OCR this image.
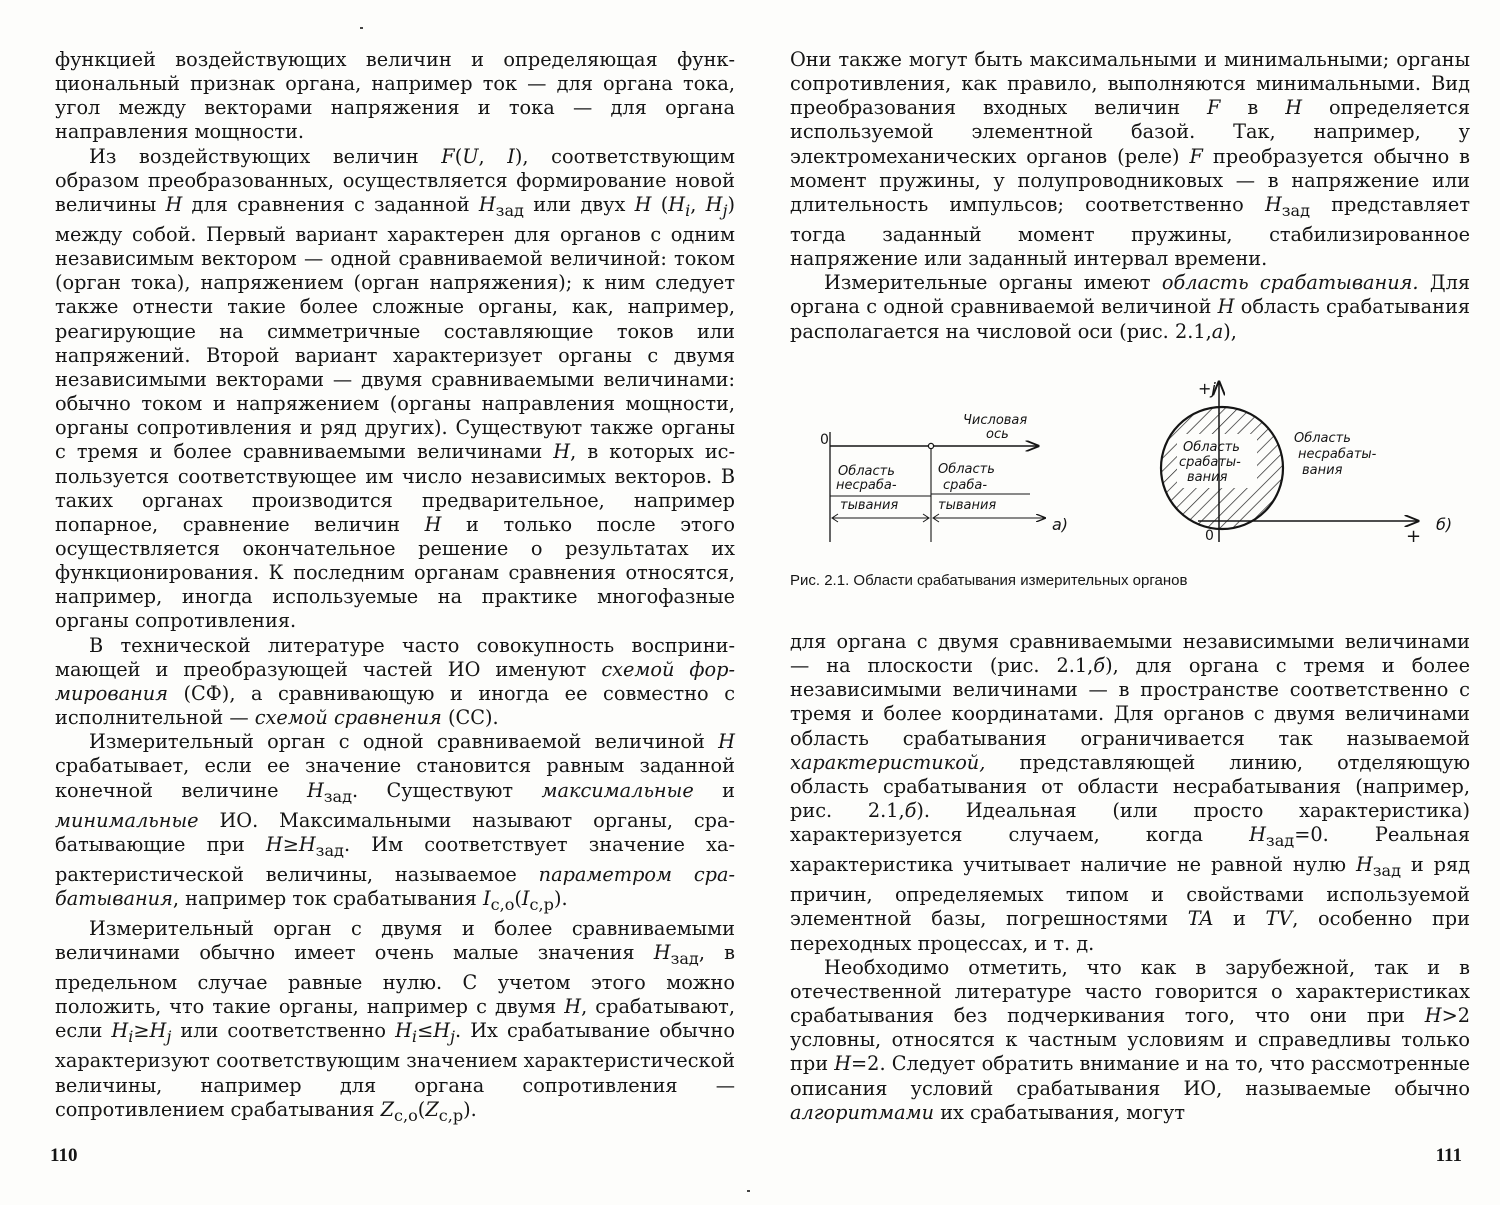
функцией воздействующих величин и определяющая функциональный признак органа, например ток — для органа тока, угол между векторами напряжения и тока — для органа направления мощности.

Из воздействующих величин F(U, I), соответствующим образом преобразованных, осуществляется формирование новой величины H для сравнения с заданной $H_{зад}$ или двух H ($H_i$, $H_j$) между собой. Первый вариант характерен для органов с одним независимым вектором — одной сравниваемой величиной: током (орган тока), напряжением (орган напряжения); к ним следует также отнести такие более сложные органы, как, например, реагирующие на симметричные составляющие токов или напряжений. Второй вариант характеризует органы с двумя независимыми векторами — двумя сравниваемыми величинами: обычно током и напряжением (органы направления мощности, органы сопротивления и ряд других). Существуют также органы с тремя и более сравниваемыми величинами H, в которых используется соответствующее им число независимых векторов. В таких органах производится предварительное, например попарное, сравнение величин H и только после этого осуществляется окончательное решение о результатах их функционирования. К последним органам сравнения относятся, например, иногда используемые на практике многофазные органы сопротивления.

В технической литературе часто совокупность воспринимающей и преобразующей частей ИО именуют схемой формирования (СФ), а сравнивающую и иногда ее совместно с исполнительной — схемой сравнения (СС).

Измерительный орган с одной сравниваемой величиной H срабатывает, если ее значение становится равным заданной конечной величине $H_{зад}$. Существуют максимальные и минимальные ИО. Максимальными называют органы, срабатывающие при $H\ge H_{зад}$. Им соответствует значение характеристической величины, называемое параметром срабатывания, например ток срабатывания $I_{с,о}(I_{с,р})$.

Измерительный орган с двумя и более сравниваемыми величинами обычно имеет очень малые значения $H_{зад}$, в предельном случае равные нулю. С учетом этого можно положить, что такие органы, например с двумя H, срабатывают, если $H_i\ge H_j$ или соответственно $H_i\le H_j$. Их срабатывание обычно характеризуют соответствующим значением характеристической величины, например для органа сопротивления — сопротивлением срабатывания $Z_{с,о}(Z_{с,р})$.

110

Они также могут быть максимальными и минимальными; органы сопротивления, как правило, выполняются минимальными. Вид преобразования входных величин F в H определяется используемой элементной базой. Так, например, у электромеханических органов (реле) F преобразуется обычно в момент пружины, у полупроводниковых — в напряжение или длительность импульсов; соответственно $H_{зад}$ представляет тогда заданный момент пружины, стабилизированное напряжение или заданный интервал времени.

Измерительные органы имеют область срабатывания. Для органа с одной сравниваемой величиной H область срабатывания располагается на числовой оси (рис. 2.1,а),

0
Числовая
ось
Область
несраба-
тывания
Область
сраба-
тывания
а)
Область
срабаты-
вания
+j
0	+
Область
несрабаты-
вания
б)
Рис. 2.1. Области срабатывания измерительных органов

для органа с двумя сравниваемыми независимыми величинами — на плоскости (рис. 2.1,б), для органа с тремя и более независимыми величинами — в пространстве соответственно с тремя и более координатами. Для органов с двумя величинами область срабатывания ограничивается так называемой характеристикой, представляющей линию, отделяющую область срабатывания от области несрабатывания (например, рис. 2.1,б). Идеальная (или просто характеристика) характеризуется случаем, когда $H_{зад}=0$. Реальная характеристика учитывает наличие не равной нулю $H_{зад}$ и ряд причин, определяемых типом и свойствами используемой элементной базы, погрешностями TA и TV, особенно при переходных процессах, и т. д.

Необходимо отметить, что как в зарубежной, так и в отечественной литературе часто говорится о характеристиках срабатывания без подчеркивания того, что они при H>2 условны, относятся к частным условиям и справедливы только при H=2. Следует обратить внимание и на то, что рассмотренные описания условий срабатывания ИО, называемые обычно алгоритмами их срабатывания, могут

111
